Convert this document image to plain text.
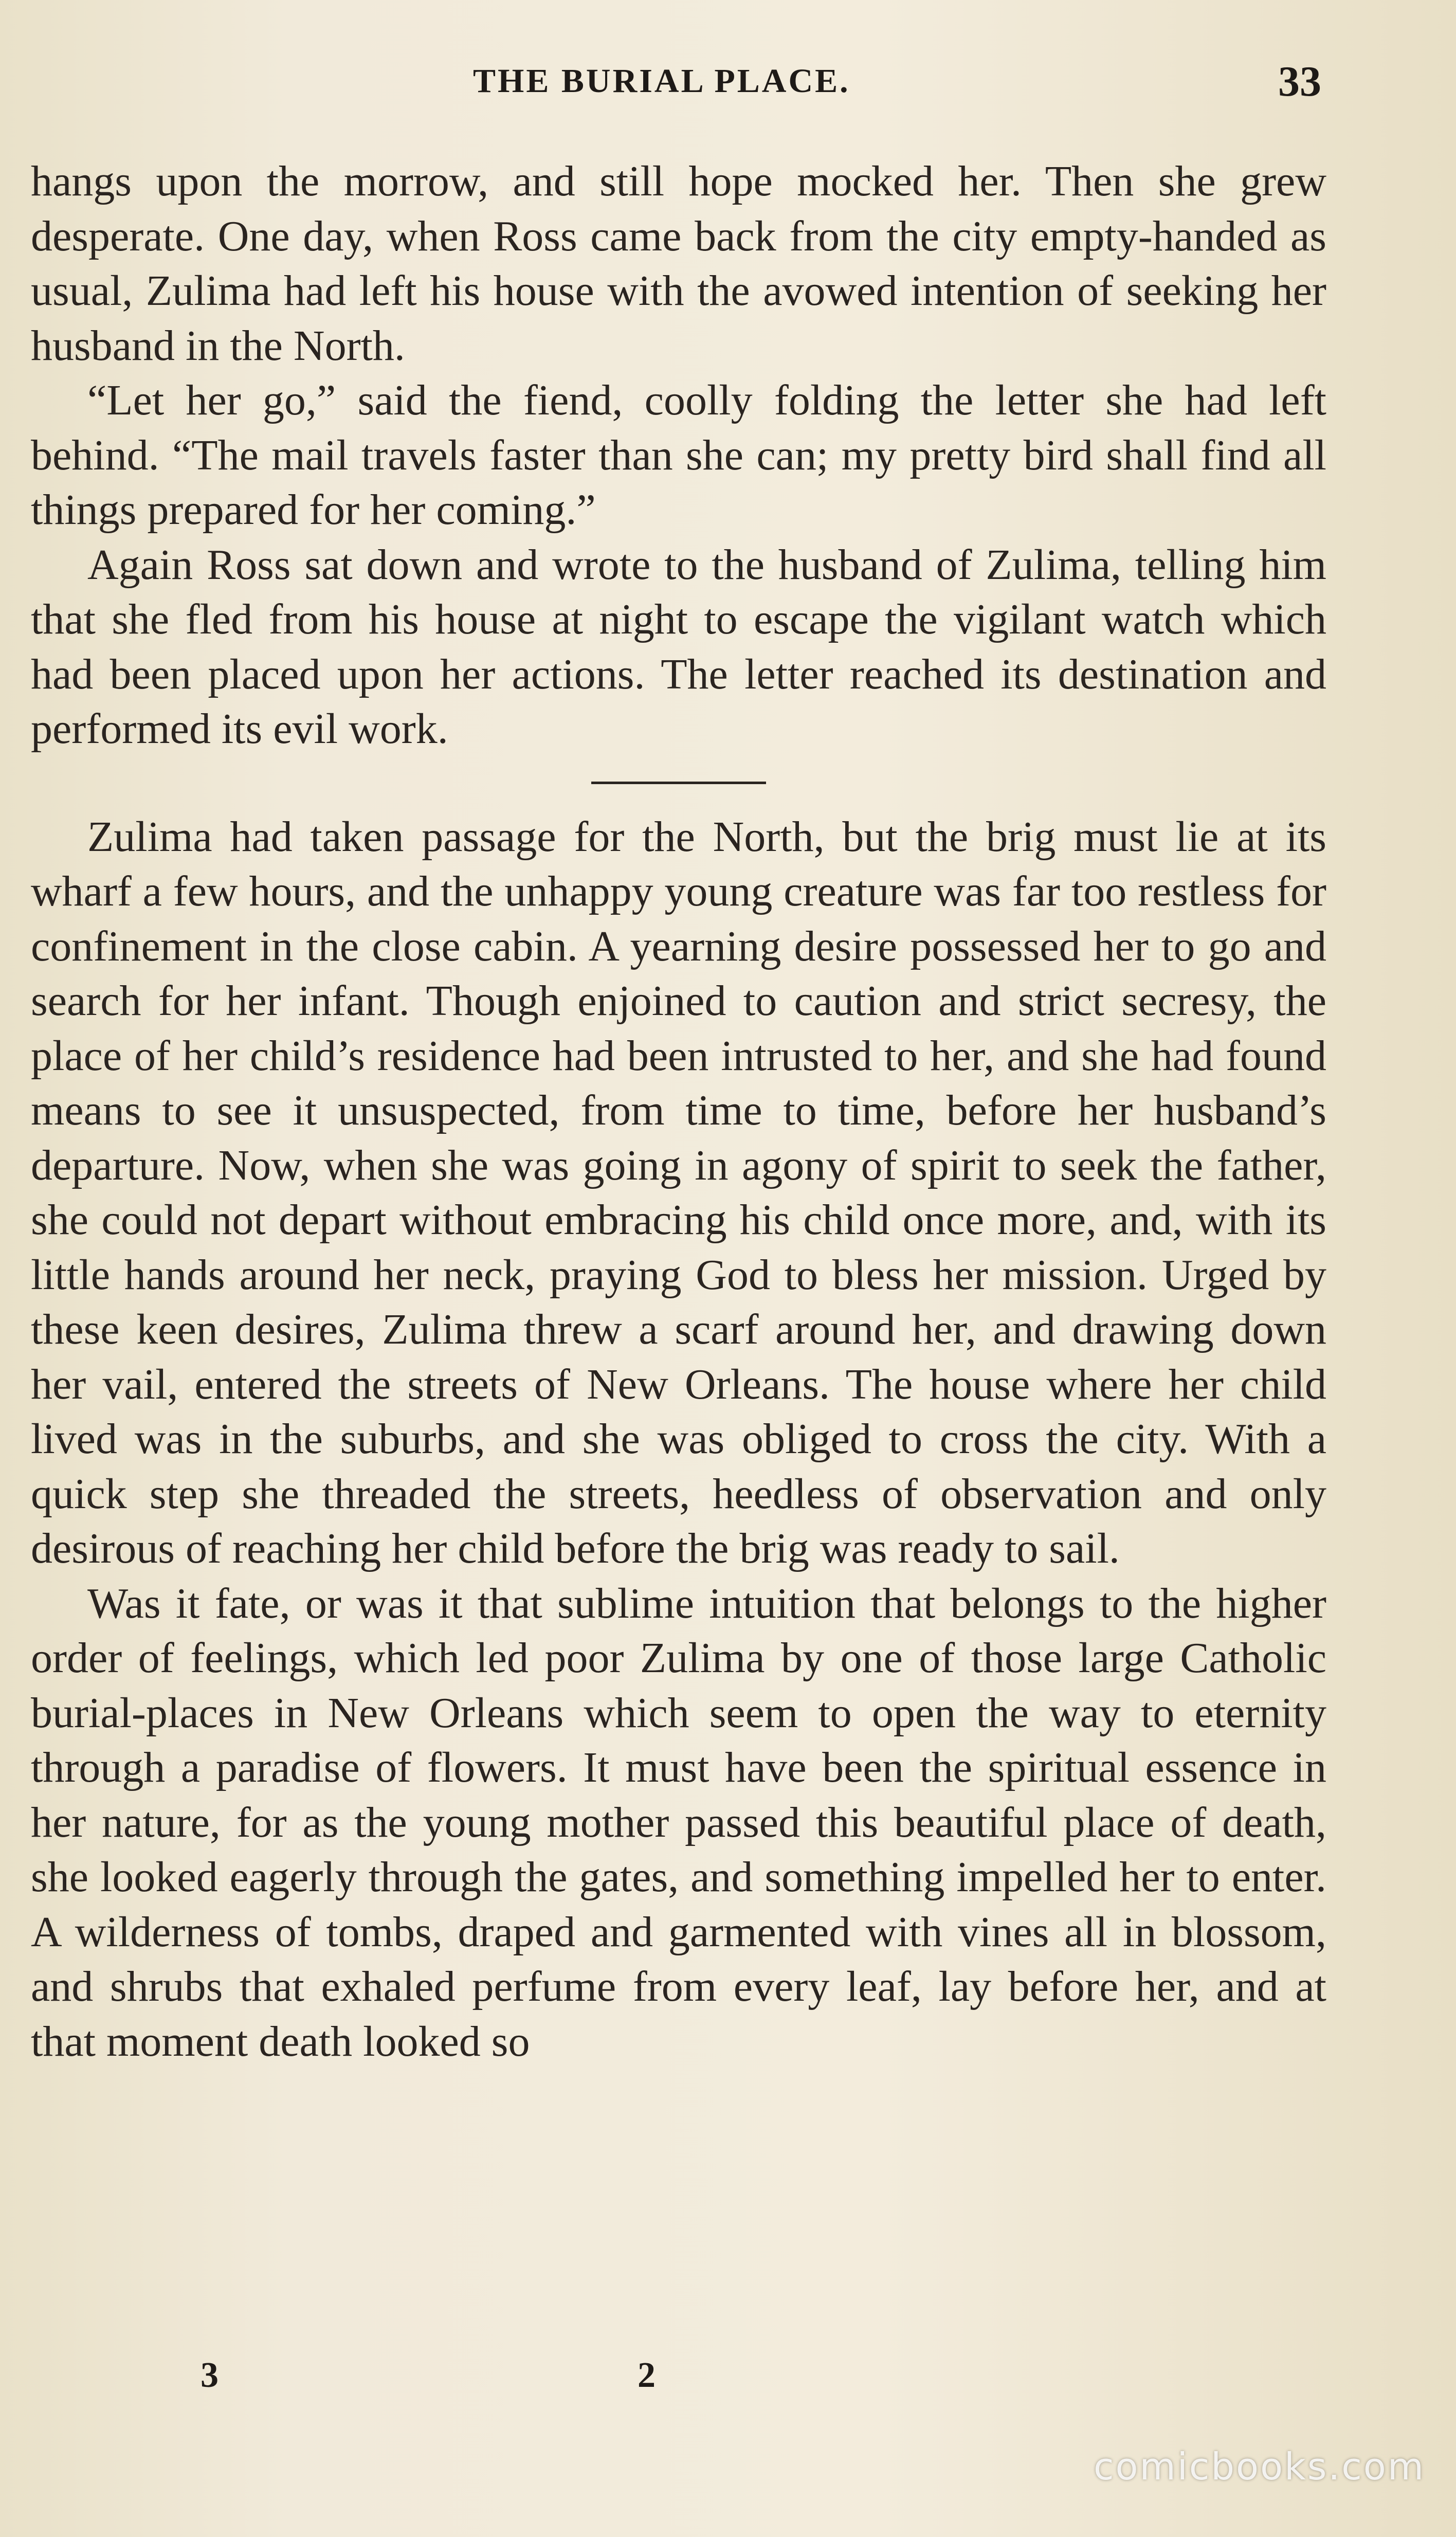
THE BURIAL PLACE.	33

hangs upon the morrow, and still hope mocked her. Then she grew desperate. One day, when Ross came back from the city empty-handed as usual, Zulima had left his house with the avowed intention of seeking her husband in the North.

“Let her go,” said the fiend, coolly folding the letter she had left behind. “The mail travels faster than she can; my pretty bird shall find all things prepared for her coming.”

Again Ross sat down and wrote to the husband of Zulima, telling him that she fled from his house at night to escape the vigilant watch which had been placed upon her actions. The letter reached its destination and performed its evil work.

Zulima had taken passage for the North, but the brig must lie at its wharf a few hours, and the unhappy young creature was far too restless for confinement in the close cabin. A yearning desire possessed her to go and search for her infant. Though enjoined to caution and strict secresy, the place of her child’s residence had been intrusted to her, and she had found means to see it unsuspected, from time to time, before her husband’s departure. Now, when she was going in agony of spirit to seek the father, she could not depart without embracing his child once more, and, with its little hands around her neck, praying God to bless her mission. Urged by these keen desires, Zulima threw a scarf around her, and drawing down her vail, entered the streets of New Orleans. The house where her child lived was in the suburbs, and she was obliged to cross the city. With a quick step she threaded the streets, heedless of observation and only desirous of reaching her child before the brig was ready to sail.

Was it fate, or was it that sublime intuition that belongs to the higher order of feelings, which led poor Zulima by one of those large Catholic burial-places in New Orleans which seem to open the way to eternity through a paradise of flowers. It must have been the spiritual essence in her nature, for as the young mother passed this beautiful place of death, she looked eagerly through the gates, and something impelled her to enter. A wilderness of tombs, draped and garmented with vines all in blossom, and shrubs that exhaled perfume from every leaf, lay before her, and at that moment death looked so

3	2
comicbooks.com
